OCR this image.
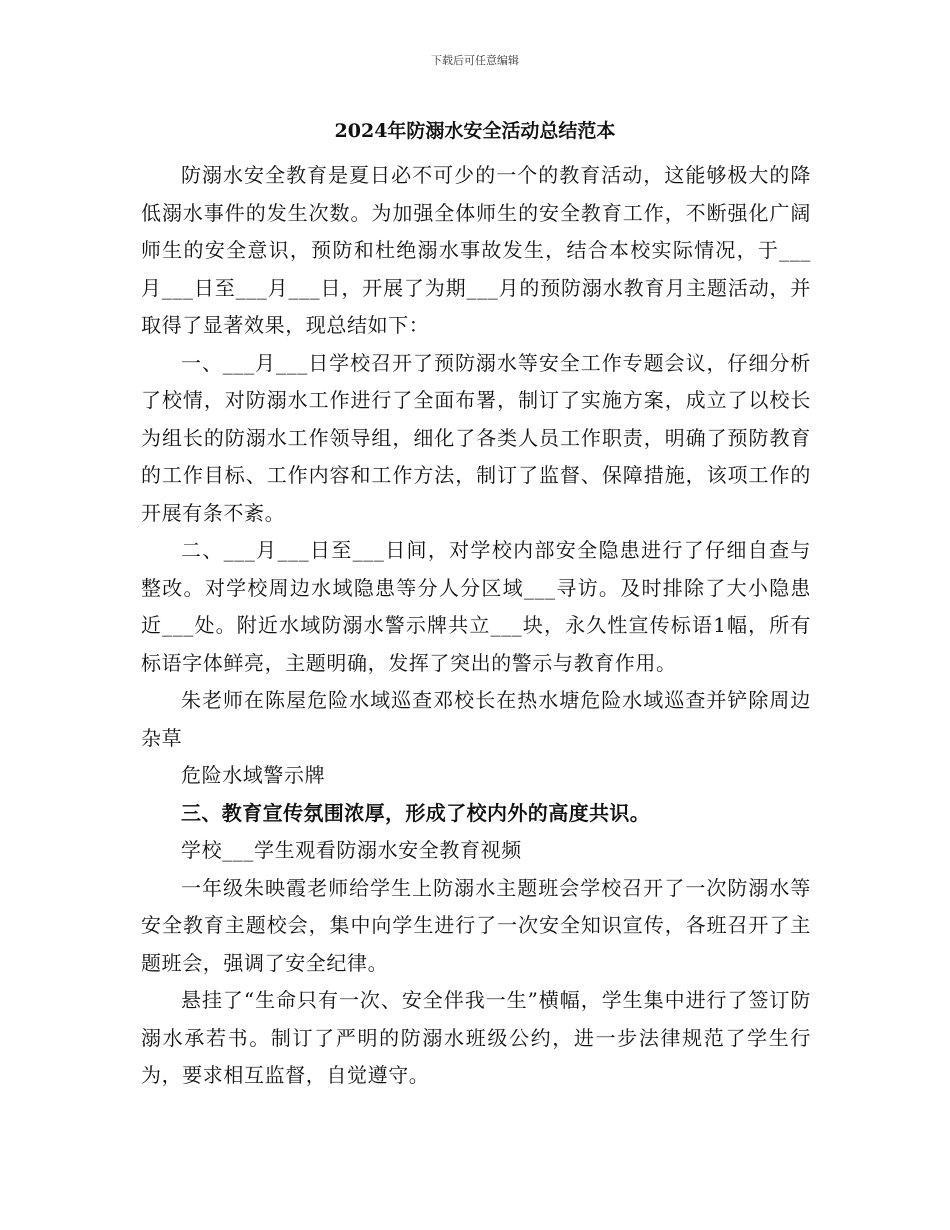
下载后可任意编辑
2024年防溺水安全活动总结范本

防溺水安全教育是夏日必不可少的一个的教育活动，这能够极大的降低溺水事件的发生次数。为加强全体师生的安全教育工作，不断强化广阔师生的安全意识，预防和杜绝溺水事故发生，结合本校实际情况，于___月___日至___月___日，开展了为期___月的预防溺水教育月主题活动，并取得了显著效果，现总结如下：

一、___月___日学校召开了预防溺水等安全工作专题会议，仔细分析了校情，对防溺水工作进行了全面布署，制订了实施方案，成立了以校长为组长的防溺水工作领导组，细化了各类人员工作职责，明确了预防教育的工作目标、工作内容和工作方法，制订了监督、保障措施，该项工作的开展有条不紊。

二、___月___日至___日间，对学校内部安全隐患进行了仔细自查与整改。对学校周边水域隐患等分人分区域___寻访。及时排除了大小隐患近___处。附近水域防溺水警示牌共立___块，永久性宣传标语1幅，所有标语字体鲜亮，主题明确，发挥了突出的警示与教育作用。

朱老师在陈屋危险水域巡查邓校长在热水塘危险水域巡查并铲除周边杂草

危险水域警示牌

三、教育宣传氛围浓厚，形成了校内外的高度共识。

学校___学生观看防溺水安全教育视频

一年级朱映霞老师给学生上防溺水主题班会学校召开了一次防溺水等安全教育主题校会，集中向学生进行了一次安全知识宣传，各班召开了主题班会，强调了安全纪律。

悬挂了“生命只有一次、安全伴我一生”横幅，学生集中进行了签订防溺水承若书。制订了严明的防溺水班级公约，进一步法律规范了学生行为，要求相互监督，自觉遵守。
